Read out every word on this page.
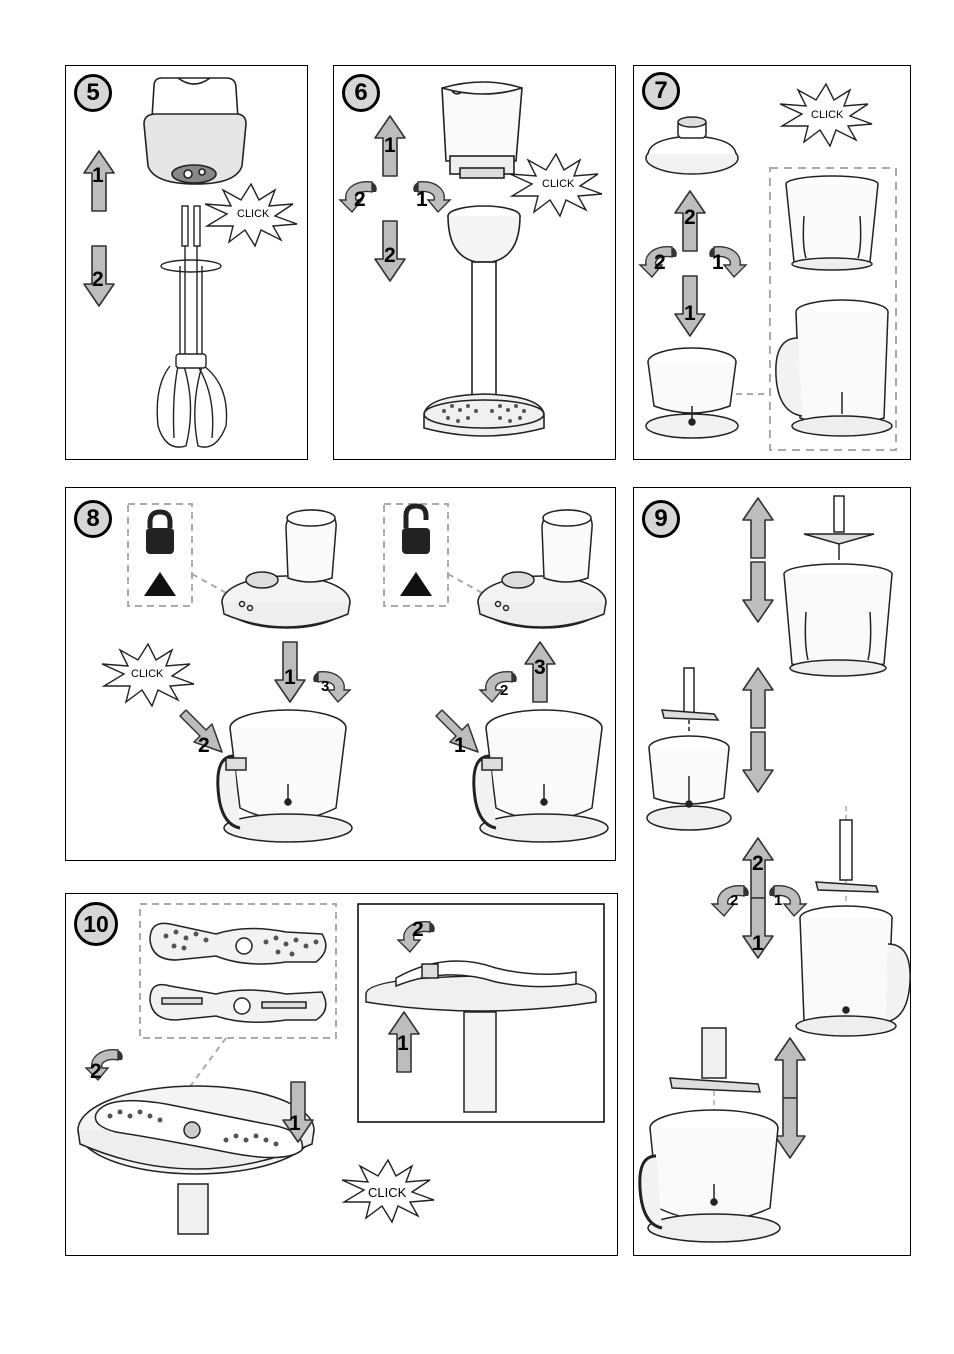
5
1
2
CLICK
6
1
2
2 1
CLICK
7
2
1
2 1
CLICK
8
1 3
2
CLICK	3
2
1
9
2
1
2 1
10
2
1
2
1
CLICK
